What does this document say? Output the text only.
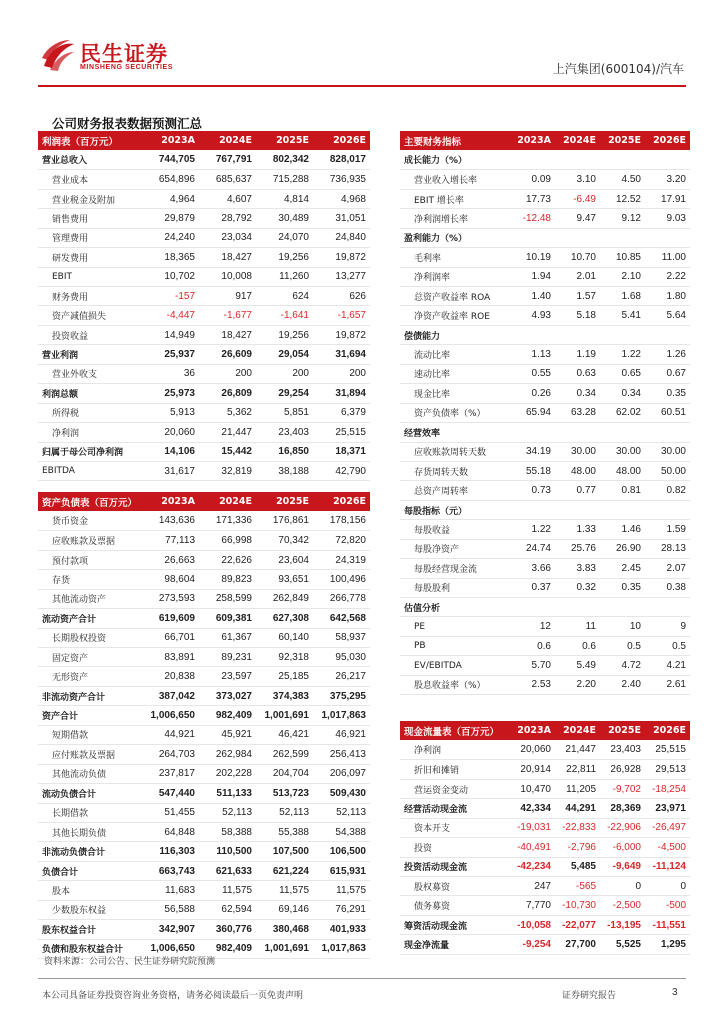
民生证券
MINSHENG SECURITIES	上汽集团(600104)/汽车
公司财务报表数据预测汇总
利润表（百万元）	2023A	2024E	2025E	2026E
营业总收入	744,705	767,791	802,342	828,017
营业成本	654,896	685,637	715,288	736,935
营业税金及附加	4,964	4,607	4,814	4,968
销售费用	29,879	28,792	30,489	31,051
管理费用	24,240	23,034	24,070	24,840
研发费用	18,365	18,427	19,256	19,872
EBIT	10,702	10,008	11,260	13,277
财务费用	-157	917	624	626
资产减值损失	-4,447	-1,677	-1,641	-1,657
投资收益	14,949	18,427	19,256	19,872
营业利润	25,937	26,609	29,054	31,694
营业外收支	36	200	200	200
利润总额	25,973	26,809	29,254	31,894
所得税	5,913	5,362	5,851	6,379
净利润	20,060	21,447	23,403	25,515
归属于母公司净利润	14,106	15,442	16,850	18,371
EBITDA	31,617	32,819	38,188	42,790
主要财务指标	2023A	2024E	2025E	2026E
成长能力（%）				
营业收入增长率	0.09	3.10	4.50	3.20
EBIT 增长率	17.73	-6.49	12.52	17.91
净利润增长率	-12.48	9.47	9.12	9.03
盈利能力（%）				
毛利率	10.19	10.70	10.85	11.00
净利润率	1.94	2.01	2.10	2.22
总资产收益率 ROA	1.40	1.57	1.68	1.80
净资产收益率 ROE	4.93	5.18	5.41	5.64
偿债能力				
流动比率	1.13	1.19	1.22	1.26
速动比率	0.55	0.63	0.65	0.67
现金比率	0.26	0.34	0.34	0.35
资产负债率（%）	65.94	63.28	62.02	60.51
经营效率				
应收账款周转天数	34.19	30.00	30.00	30.00
存货周转天数	55.18	48.00	48.00	50.00
总资产周转率	0.73	0.77	0.81	0.82
每股指标（元）				
每股收益	1.22	1.33	1.46	1.59
每股净资产	24.74	25.76	26.90	28.13
每股经营现金流	3.66	3.83	2.45	2.07
每股股利	0.37	0.32	0.35	0.38
估值分析				
PE	12	11	10	9
PB	0.6	0.6	0.5	0.5
EV/EBITDA	5.70	5.49	4.72	4.21
股息收益率（%）	2.53	2.20	2.40	2.61
资产负债表（百万元）	2023A	2024E	2025E	2026E
货币资金	143,636	171,336	176,861	178,156
应收账款及票据	77,113	66,998	70,342	72,820
预付款项	26,663	22,626	23,604	24,319
存货	98,604	89,823	93,651	100,496
其他流动资产	273,593	258,599	262,849	266,778
流动资产合计	619,609	609,381	627,308	642,568
长期股权投资	66,701	61,367	60,140	58,937
固定资产	83,891	89,231	92,318	95,030
无形资产	20,838	23,597	25,185	26,217
非流动资产合计	387,042	373,027	374,383	375,295
资产合计	1,006,650	982,409	1,001,691	1,017,863
短期借款	44,921	45,921	46,421	46,921
应付账款及票据	264,703	262,984	262,599	256,413
其他流动负债	237,817	202,228	204,704	206,097
流动负债合计	547,440	511,133	513,723	509,430
长期借款	51,455	52,113	52,113	52,113
其他长期负债	64,848	58,388	55,388	54,388
非流动负债合计	116,303	110,500	107,500	106,500
负债合计	663,743	621,633	621,224	615,931
股本	11,683	11,575	11,575	11,575
少数股东权益	56,588	62,594	69,146	76,291
股东权益合计	342,907	360,776	380,468	401,933
负债和股东权益合计	1,006,650	982,409	1,001,691	1,017,863
现金流量表（百万元）	2023A	2024E	2025E	2026E
净利润	20,060	21,447	23,403	25,515
折旧和摊销	20,914	22,811	26,928	29,513
营运资金变动	10,470	11,205	-9,702	-18,254
经营活动现金流	42,334	44,291	28,369	23,971
资本开支	-19,031	-22,833	-22,906	-26,497
投资	-40,491	-2,796	-6,000	-4,500
投资活动现金流	-42,234	5,485	-9,649	-11,124
股权募资	247	-565	0	0
债务募资	7,770	-10,730	-2,500	-500
筹资活动现金流	-10,058	-22,077	-13,195	-11,551
现金净流量	-9,254	27,700	5,525	1,295
资料来源：公司公告、民生证券研究院预测
本公司具备证券投资咨询业务资格，请务必阅读最后一页免责声明	证券研究报告	3
